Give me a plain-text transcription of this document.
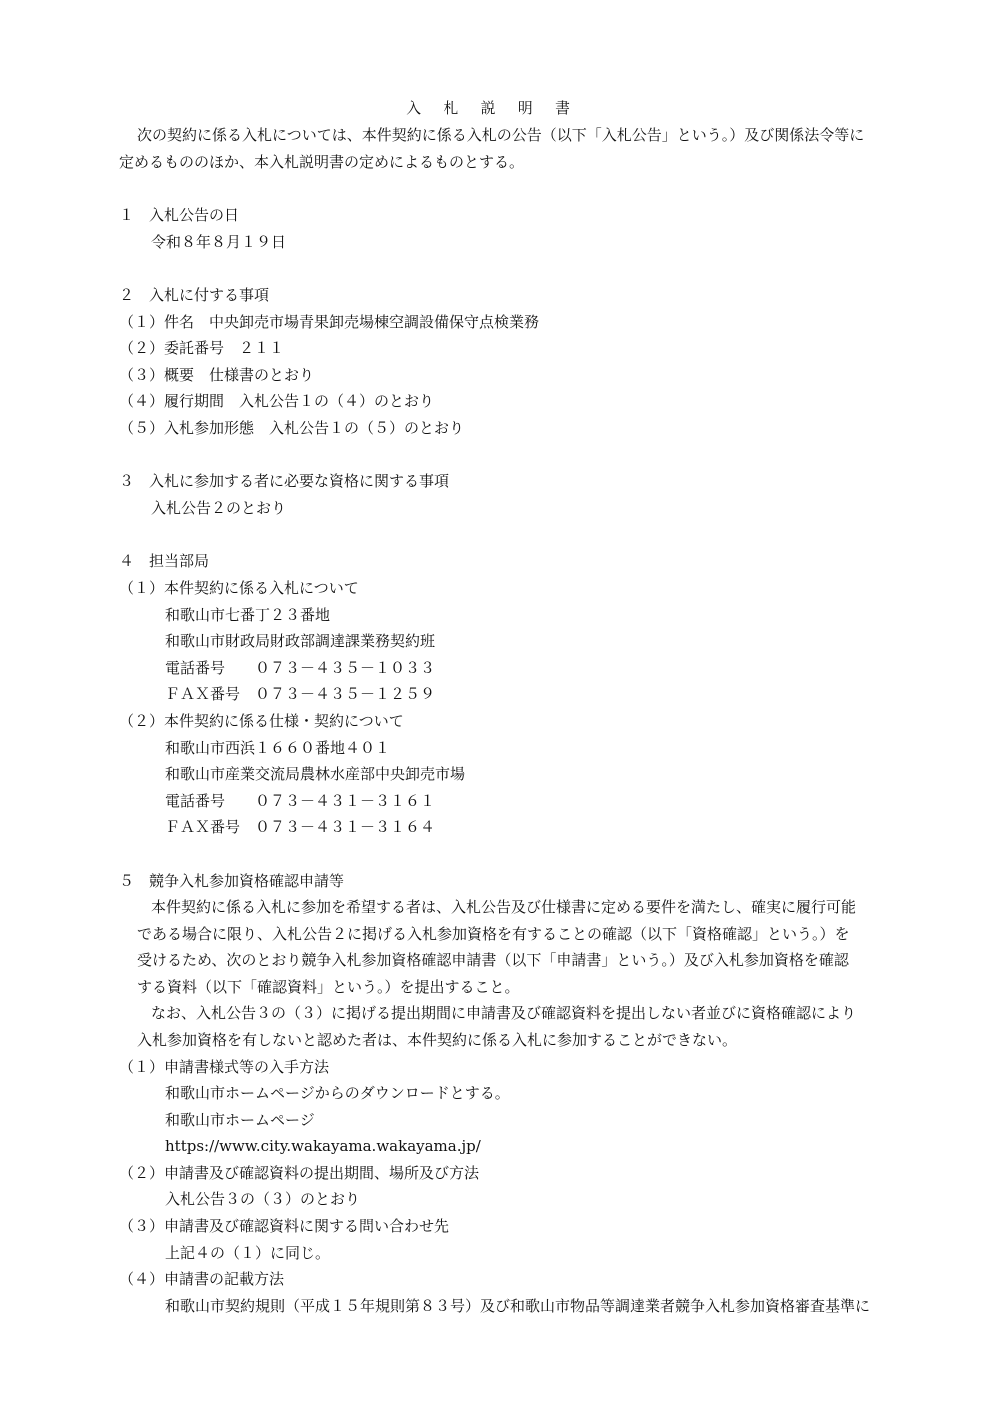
入 札 説 明 書
次の契約に係る入札については、本件契約に係る入札の公告（以下「入札公告」という。）及び関係法令等に
定めるもののほか、本入札説明書の定めによるものとする。
１　入札公告の日
令和８年８月１９日
２　入札に付する事項
（１）件名　中央卸売市場青果卸売場棟空調設備保守点検業務
（２）委託番号　２１１
（３）概要　仕様書のとおり
（４）履行期間　入札公告１の（４）のとおり
（５）入札参加形態　入札公告１の（５）のとおり
３　入札に参加する者に必要な資格に関する事項
入札公告２のとおり
４　担当部局
（１）本件契約に係る入札について
和歌山市七番丁２３番地
和歌山市財政局財政部調達課業務契約班
電話番号　　０７３－４３５－１０３３
ＦＡＸ番号　０７３－４３５－１２５９
（２）本件契約に係る仕様・契約について
和歌山市西浜１６６０番地４０１
和歌山市産業交流局農林水産部中央卸売市場
電話番号　　０７３－４３１－３１６１
ＦＡＸ番号　０７３－４３１－３１６４
５　競争入札参加資格確認申請等
本件契約に係る入札に参加を希望する者は、入札公告及び仕様書に定める要件を満たし、確実に履行可能
である場合に限り、入札公告２に掲げる入札参加資格を有することの確認（以下「資格確認」という。）を
受けるため、次のとおり競争入札参加資格確認申請書（以下「申請書」という。）及び入札参加資格を確認
する資料（以下「確認資料」という。）を提出すること。
なお、入札公告３の（３）に掲げる提出期間に申請書及び確認資料を提出しない者並びに資格確認により
入札参加資格を有しないと認めた者は、本件契約に係る入札に参加することができない。
（１）申請書様式等の入手方法
和歌山市ホームページからのダウンロードとする。
和歌山市ホームページ
https://www.city.wakayama.wakayama.jp/
（２）申請書及び確認資料の提出期間、場所及び方法
入札公告３の（３）のとおり
（３）申請書及び確認資料に関する問い合わせ先
上記４の（１）に同じ。
（４）申請書の記載方法
和歌山市契約規則（平成１５年規則第８３号）及び和歌山市物品等調達業者競争入札参加資格審査基準に
